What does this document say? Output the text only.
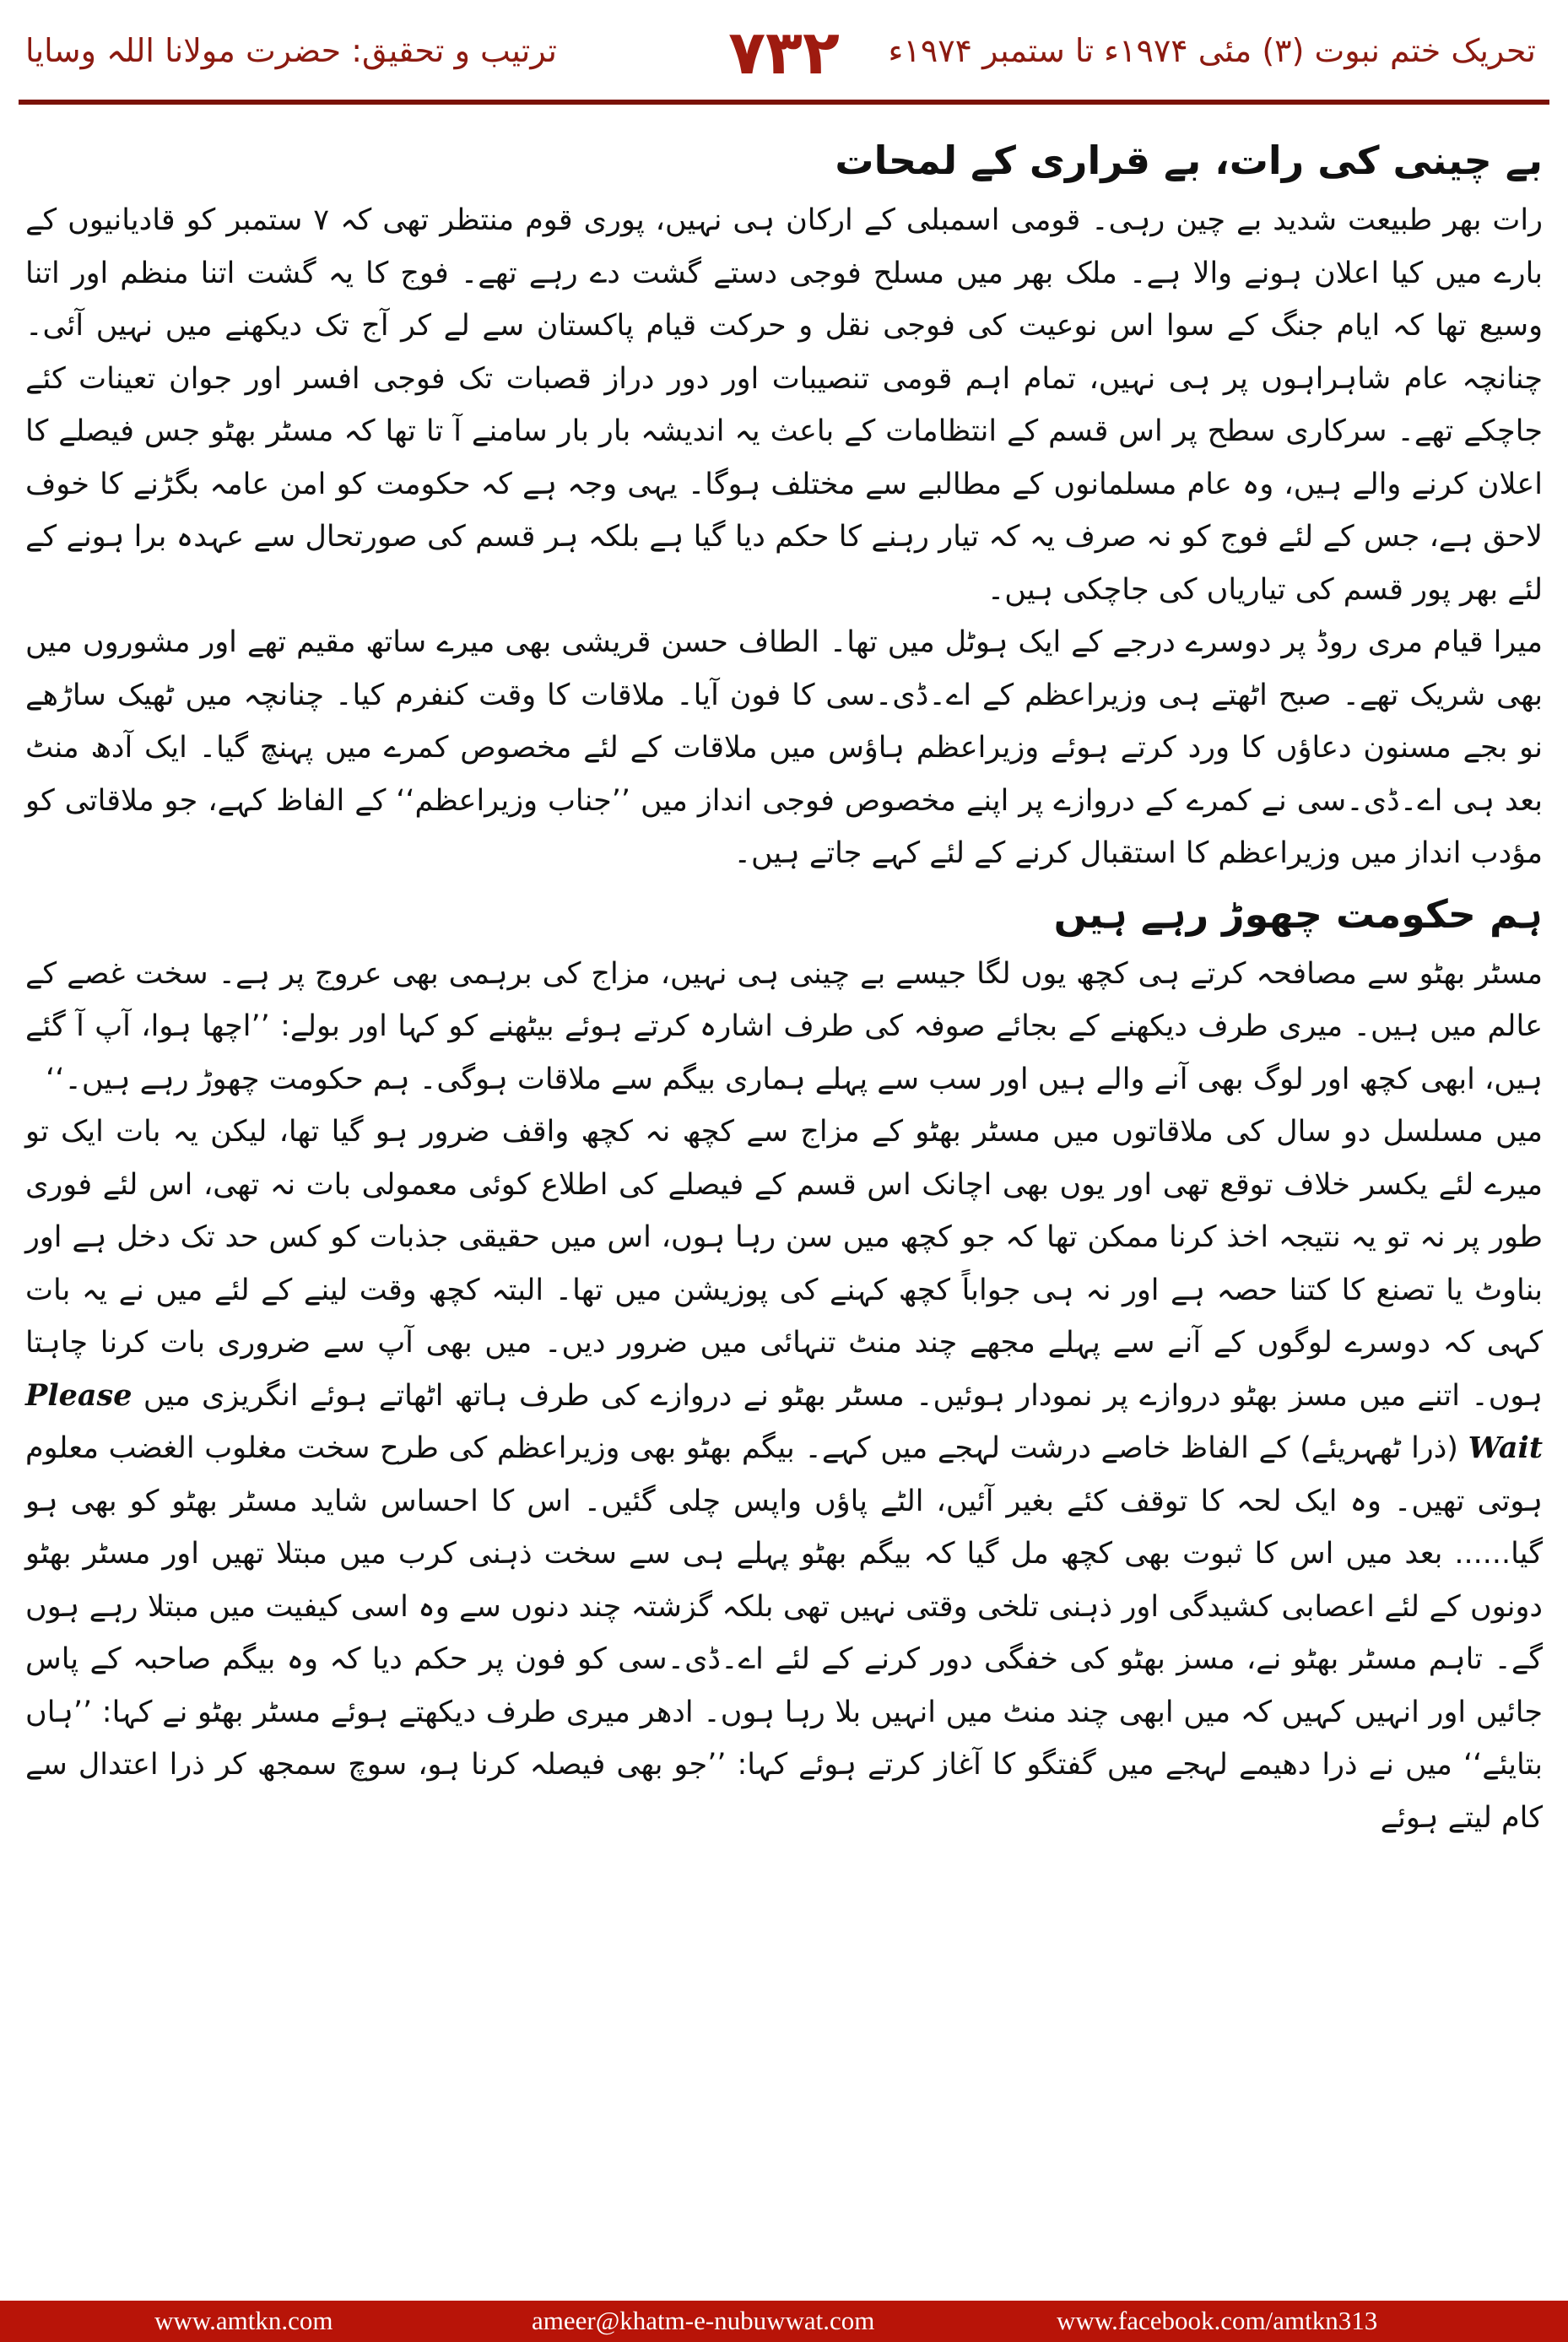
تحریک ختم نبوت (۳) مئی ۱۹۷۴ء تا ستمبر ۱۹۷۴ء
۷۳۲
ترتیب و تحقیق: حضرت مولانا اللہ وسایا
بے چینی کی رات، بے قراری کے لمحات

رات بھر طبیعت شدید بے چین رہی۔ قومی اسمبلی کے ارکان ہی نہیں، پوری قوم منتظر تھی کہ ۷ ستمبر کو قادیانیوں کے بارے میں کیا اعلان ہونے والا ہے۔ ملک بھر میں مسلح فوجی دستے گشت دے رہے تھے۔ فوج کا یہ گشت اتنا منظم اور اتنا وسیع تھا کہ ایام جنگ کے سوا اس نوعیت کی فوجی نقل و حرکت قیام پاکستان سے لے کر آج تک دیکھنے میں نہیں آئی۔ چنانچہ عام شاہراہوں پر ہی نہیں، تمام اہم قومی تنصیبات اور دور دراز قصبات تک فوجی افسر اور جوان تعینات کئے جاچکے تھے۔ سرکاری سطح پر اس قسم کے انتظامات کے باعث یہ اندیشہ بار بار سامنے آ تا تھا کہ مسٹر بھٹو جس فیصلے کا اعلان کرنے والے ہیں، وہ عام مسلمانوں کے مطالبے سے مختلف ہوگا۔ یہی وجہ ہے کہ حکومت کو امن عامہ بگڑنے کا خوف لاحق ہے، جس کے لئے فوج کو نہ صرف یہ کہ تیار رہنے کا حکم دیا گیا ہے بلکہ ہر قسم کی صورتحال سے عہدہ برا ہونے کے لئے بھر پور قسم کی تیاریاں کی جاچکی ہیں۔

میرا قیام مری روڈ پر دوسرے درجے کے ایک ہوٹل میں تھا۔ الطاف حسن قریشی بھی میرے ساتھ مقیم تھے اور مشوروں میں بھی شریک تھے۔ صبح اٹھتے ہی وزیراعظم کے اے۔ڈی۔سی کا فون آیا۔ ملاقات کا وقت کنفرم کیا۔ چنانچہ میں ٹھیک ساڑھے نو بجے مسنون دعاؤں کا ورد کرتے ہوئے وزیراعظم ہاؤس میں ملاقات کے لئے مخصوص کمرے میں پہنچ گیا۔ ایک آدھ منٹ بعد ہی اے۔ڈی۔سی نے کمرے کے دروازے پر اپنے مخصوص فوجی انداز میں ’’جناب وزیراعظم‘‘ کے الفاظ کہے، جو ملاقاتی کو مؤدب انداز میں وزیراعظم کا استقبال کرنے کے لئے کہے جاتے ہیں۔

ہم حکومت چھوڑ رہے ہیں

مسٹر بھٹو سے مصافحہ کرتے ہی کچھ یوں لگا جیسے بے چینی ہی نہیں، مزاج کی برہمی بھی عروج پر ہے۔ سخت غصے کے عالم میں ہیں۔ میری طرف دیکھنے کے بجائے صوفہ کی طرف اشارہ کرتے ہوئے بیٹھنے کو کہا اور بولے: ’’اچھا ہوا، آپ آ گئے ہیں، ابھی کچھ اور لوگ بھی آنے والے ہیں اور سب سے پہلے ہماری بیگم سے ملاقات ہوگی۔ ہم حکومت چھوڑ رہے ہیں۔‘‘

میں مسلسل دو سال کی ملاقاتوں میں مسٹر بھٹو کے مزاج سے کچھ نہ کچھ واقف ضرور ہو گیا تھا، لیکن یہ بات ایک تو میرے لئے یکسر خلاف توقع تھی اور یوں بھی اچانک اس قسم کے فیصلے کی اطلاع کوئی معمولی بات نہ تھی، اس لئے فوری طور پر نہ تو یہ نتیجہ اخذ کرنا ممکن تھا کہ جو کچھ میں سن رہا ہوں، اس میں حقیقی جذبات کو کس حد تک دخل ہے اور بناوٹ یا تصنع کا کتنا حصہ ہے اور نہ ہی جواباً کچھ کہنے کی پوزیشن میں تھا۔ البتہ کچھ وقت لینے کے لئے میں نے یہ بات کہی کہ دوسرے لوگوں کے آنے سے پہلے مجھے چند منٹ تنہائی میں ضرور دیں۔ میں بھی آپ سے ضروری بات کرنا چاہتا ہوں۔ اتنے میں مسز بھٹو دروازے پر نمودار ہوئیں۔ مسٹر بھٹو نے دروازے کی طرف ہاتھ اٹھاتے ہوئے انگریزی میں Please Wait (ذرا ٹھہریئے) کے الفاظ خاصے درشت لہجے میں کہے۔ بیگم بھٹو بھی وزیراعظم کی طرح سخت مغلوب الغضب معلوم ہوتی تھیں۔ وہ ایک لحہ کا توقف کئے بغیر آئیں، الٹے پاؤں واپس چلی گئیں۔ اس کا احساس شاید مسٹر بھٹو کو بھی ہو گیا...... بعد میں اس کا ثبوت بھی کچھ مل گیا کہ بیگم بھٹو پہلے ہی سے سخت ذہنی کرب میں مبتلا تھیں اور مسٹر بھٹو دونوں کے لئے اعصابی کشیدگی اور ذہنی تلخی وقتی نہیں تھی بلکہ گزشتہ چند دنوں سے وہ اسی کیفیت میں مبتلا رہے ہوں گے۔ تاہم مسٹر بھٹو نے، مسز بھٹو کی خفگی دور کرنے کے لئے اے۔ڈی۔سی کو فون پر حکم دیا کہ وہ بیگم صاحبہ کے پاس جائیں اور انہیں کہیں کہ میں ابھی چند منٹ میں انہیں بلا رہا ہوں۔ ادھر میری طرف دیکھتے ہوئے مسٹر بھٹو نے کہا: ’’ہاں بتایئے‘‘ میں نے ذرا دھیمے لہجے میں گفتگو کا آغاز کرتے ہوئے کہا: ’’جو بھی فیصلہ کرنا ہو، سوچ سمجھ کر ذرا اعتدال سے کام لیتے ہوئے

www.amtkn.com	ameer@khatm-e-nubuwwat.com	www.facebook.com/amtkn313
